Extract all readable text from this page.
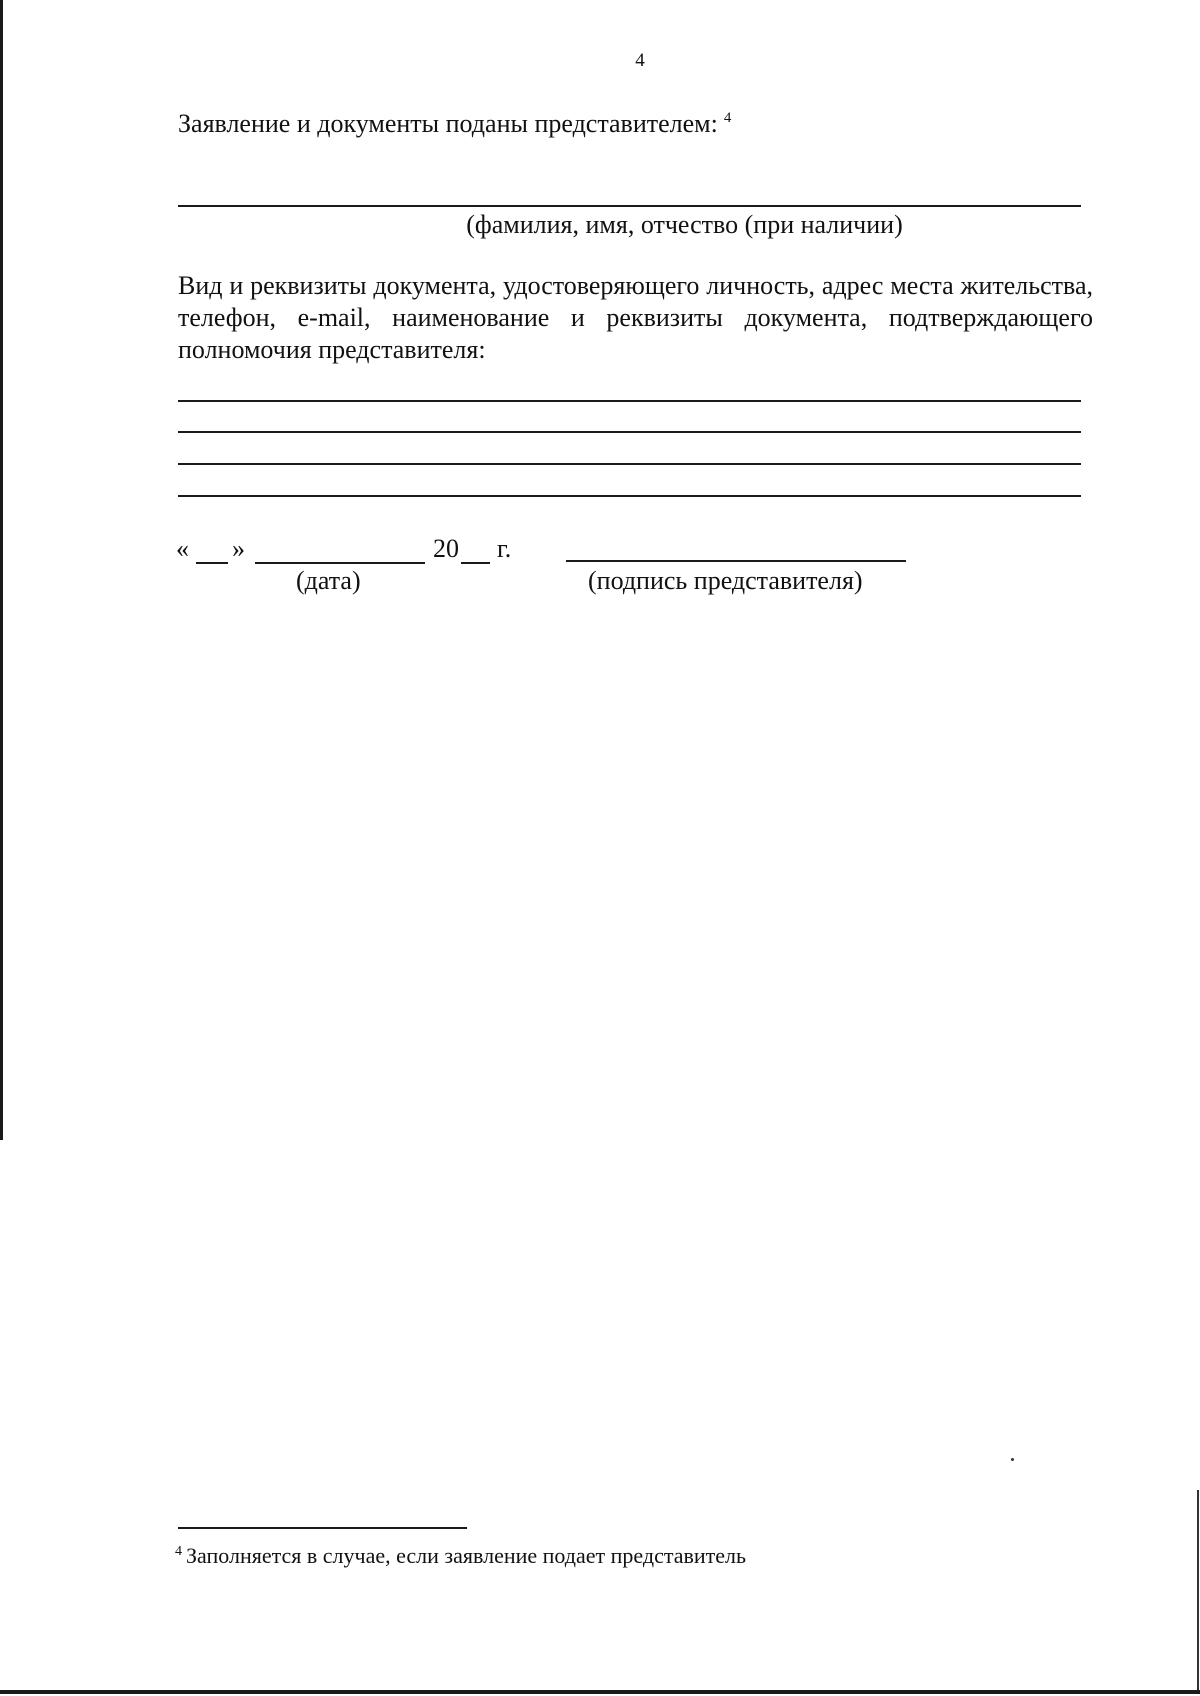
4
Заявление и документы поданы представителем: $^4$
(фамилия, имя, отчество (при наличии)
Вид и реквизиты документа, удостоверяющего личность, адрес места жительства, телефон, e-mail, наименование и реквизиты документа, подтверждающего полномочия представителя:
« »	20 г.
(дата)	(подпись представителя)
$^4$ Заполняется в случае, если заявление подает представитель
